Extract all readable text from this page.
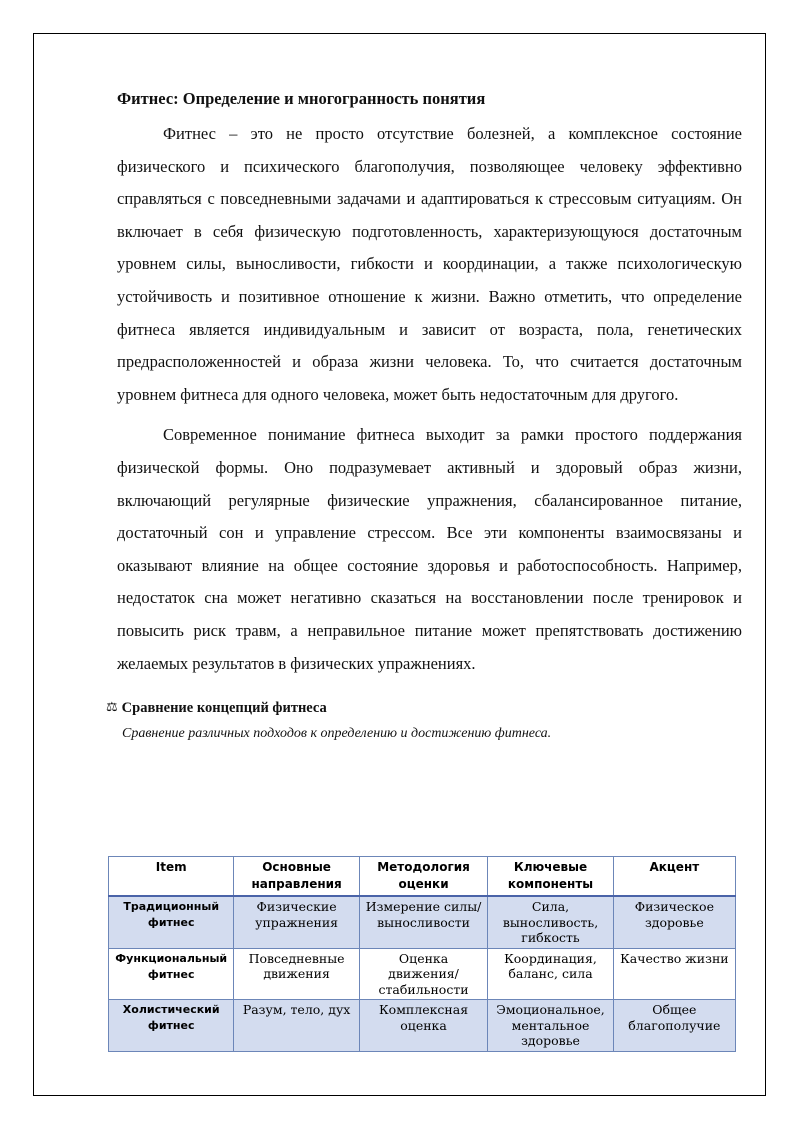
Фитнес: Определение и многогранность понятия

Фитнес – это не просто отсутствие болезней, а комплексное состояние физического и психического благополучия, позволяющее человеку эффективно справляться с повседневными задачами и адаптироваться к стрессовым ситуациям. Он включает в себя физическую подготовленность, характеризующуюся достаточным уровнем силы, выносливости, гибкости и координации, а также психологическую устойчивость и позитивное отношение к жизни. Важно отметить, что определение фитнеса является индивидуальным и зависит от возраста, пола, генетических предрасположенностей и образа жизни человека. То, что считается достаточным уровнем фитнеса для одного человека, может быть недостаточным для другого.

Современное понимание фитнеса выходит за рамки простого поддержания физической формы. Оно подразумевает активный и здоровый образ жизни, включающий регулярные физические упражнения, сбалансированное питание, достаточный сон и управление стрессом. Все эти компоненты взаимосвязаны и оказывают влияние на общее состояние здоровья и работоспособность. Например, недостаток сна может негативно сказаться на восстановлении после тренировок и повысить риск травм, а неправильное питание может препятствовать достижению желаемых результатов в физических упражнениях.

⚖ Сравнение концепций фитнеса
Сравнение различных подходов к определению и достижению фитнеса.
Item	Основные направления	Методология оценки	Ключевые компоненты	Акцент
Традиционный фитнес	Физические упражнения	Измерение силы/выносливости	Сила, выносливость, гибкость	Физическое здоровье
Функциональный фитнес	Повседневные движения	Оценка движения/стабильности	Координация, баланс, сила	Качество жизни
Холистический фитнес	Разум, тело, дух	Комплексная оценка	Эмоциональное, ментальное здоровье	Общее благополучие
